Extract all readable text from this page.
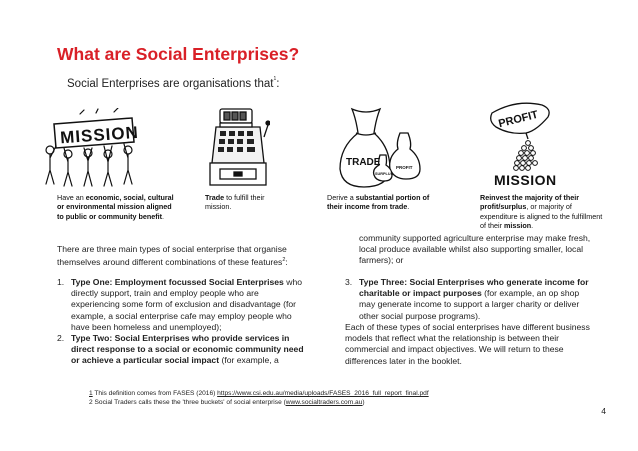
What are Social Enterprises?
Social Enterprises are organisations that$^1$:
MISSION
TRADE	PROFIT
SURPLUS
PROFIT
MISSION
Have an economic, social, cultural or environmental mission aligned to public or community benefit.
Trade to fulfill their mission.
Derive a substantial portion of their income from trade.
Reinvest the majority of their profit/surplus, or majority of expenditure is aligned to the fulfillment of their mission.
There are three main types of social enterprise that organise themselves around different combinations of these features$^2$:
1. Type One: Employment focussed Social Enterprises who directly support, train and employ people who are experiencing some form of exclusion and disadvantage (for example, a social enterprise cafe may employ people who have been homeless and unemployed);
2. Type Two: Social Enterprises who provide services in direct response to a social or economic community need or achieve a particular social impact (for example, a
community supported agriculture enterprise may make fresh, local produce available whilst also supporting smaller, local farmers); or
3. Type Three: Social Enterprises who generate income for charitable or impact purposes (for example, an op shop may generate income to support a larger charity or deliver other social purpose programs).
Each of these types of social enterprises have different business models that reflect what the relationship is between their commercial and impact objectives. We will return to these differences later in the booklet.
1 This definition comes from FASES (2016) https://www.csi.edu.au/media/uploads/FASES_2016_full_report_final.pdf
2 Social Traders calls these the 'three buckets' of social enterprise (www.socialtraders.com.au)
4
